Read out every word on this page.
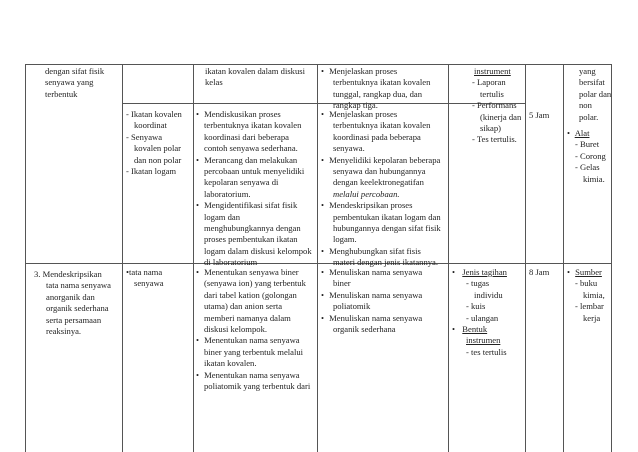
dengan sifat fisik
senyawa yang
terbentuk
ikatan kovalen dalam diskusi
kelas
• Menjelaskan proses
terbentuknya ikatan kovalen
tunggal, rangkap dua, dan
rangkap tiga.
instrument
- Laporan
tertulis
- Performans
(kinerja dan
sikap)
- Tes tertulis.
5 Jam
yang
bersifat
polar dan
non
polar.
• Alat
- Buret
- Corong
- Gelas
kimia.
- Ikatan kovalen
koordinat
- Senyawa
kovalen polar
dan non polar
- Ikatan logam
• Mendiskusikan proses
terbentuknya ikatan kovalen
koordinasi dari beberapa
contoh senyawa sederhana.
• Merancang dan melakukan
percobaan untuk menyelidiki
kepolaran senyawa di
laboratorium.
• Mengidentifikasi sifat fisik
logam dan
menghubungkannya dengan
proses pembentukan ikatan
logam dalam diskusi kelompok
di laboratorium
• Menjelaskan proses
terbentuknya ikatan kovalen
koordinasi pada beberapa
senyawa.
• Menyelidiki kepolaran beberapa
senyawa dan hubungannya
dengan keelektronegatifan
melalui percobaan.
• Mendeskripsikan proses
pembentukan ikatan logam dan
hubungannya dengan sifat fisik
logam.
• Menghubungkan sifat fisis
materi dengan jenis ikatannya.
3. Mendeskripsikan
tata nama senyawa
anorganik dan
organik sederhana
serta persamaan
reaksinya.
•tata nama
senyawa
• Menentukan senyawa biner
(senyawa ion) yang terbentuk
dari tabel kation (golongan
utama) dan anion serta
memberi namanya dalam
diskusi kelompok.
• Menentukan nama senyawa
biner yang terbentuk melalui
ikatan kovalen.
• Menentukan nama senyawa
poliatomik yang terbentuk dari
• Menuliskan nama senyawa
biner
• Menuliskan nama senyawa
poliatomik
• Menuliskan nama senyawa
organik sederhana
• Jenis tagihan
- tugas
individu
- kuis
- ulangan
• Bentuk
instrumen
- tes tertulis
8 Jam • Sumber
- buku
kimia,
- lembar
kerja
